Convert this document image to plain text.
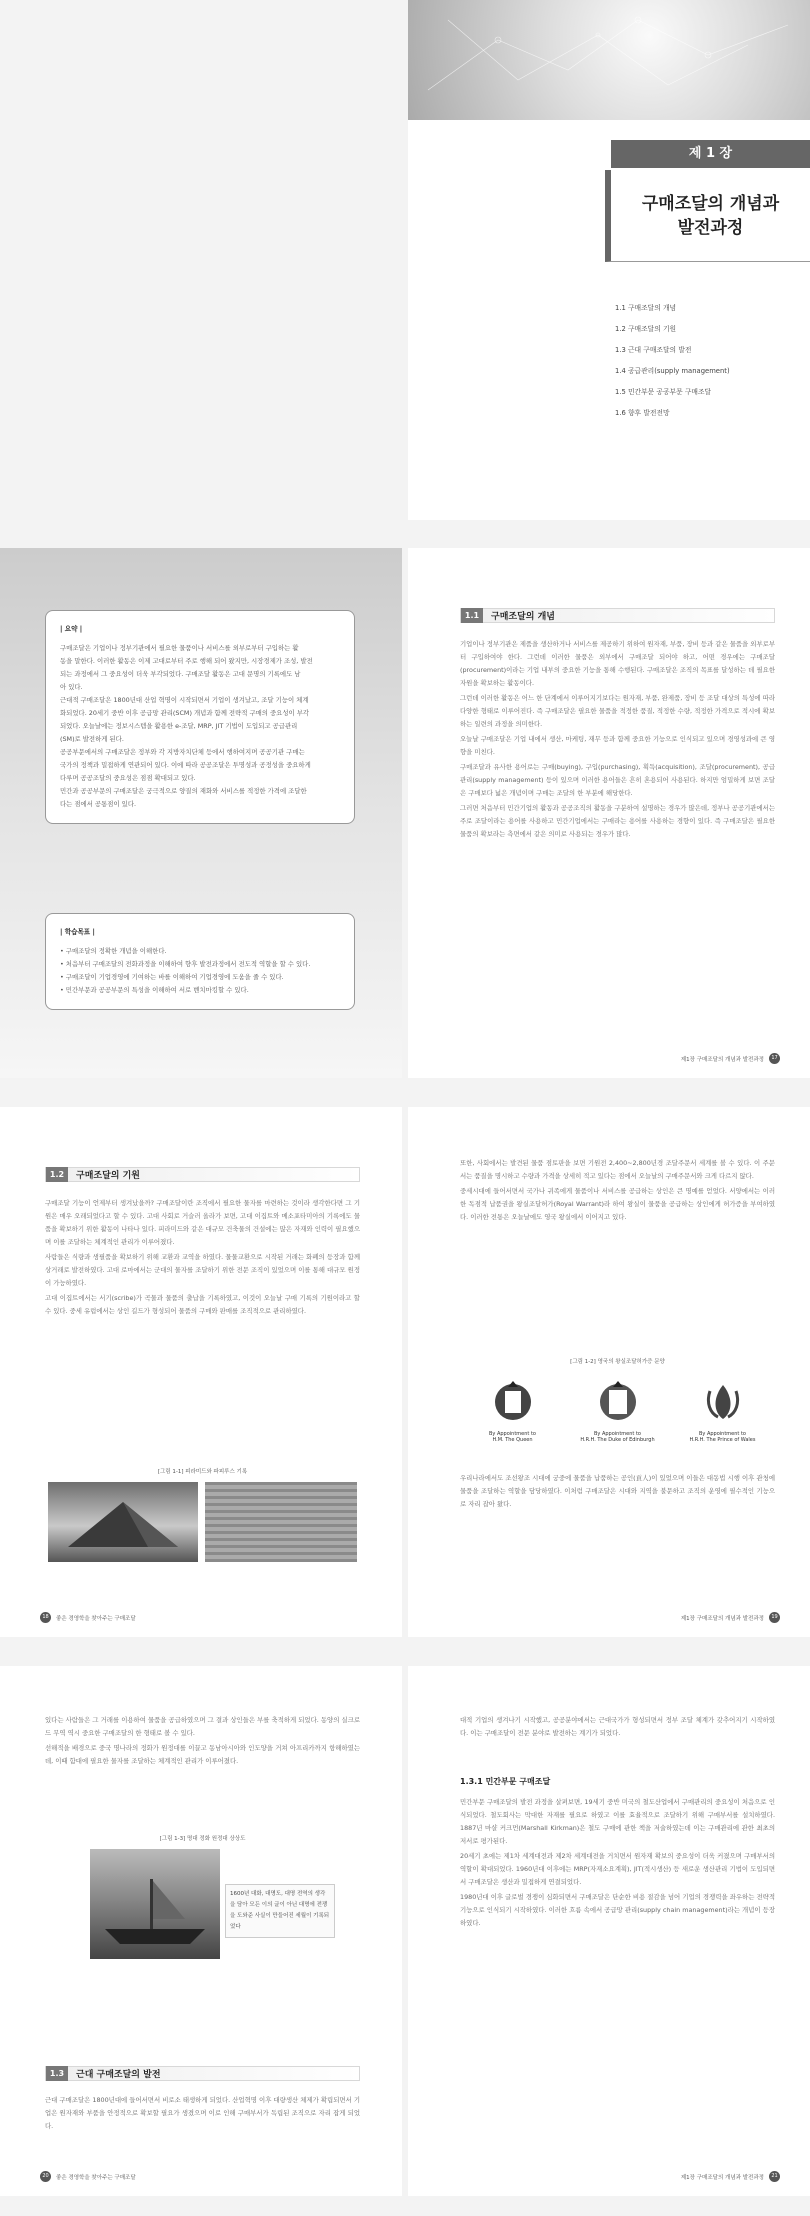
제 1 장
구매조달의 개념과
발전과정
1.1 구매조달의 개념
1.2 구매조달의 기원
1.3 근대 구매조달의 발전
1.4 공급관리(supply management)
1.5 민간부문 공공부문 구매조달
1.6 향후 발전전망
| 요약 |
구매조달은 기업이나 정부기관에서 필요한 물품이나 서비스를 외부로부터 구입하는 활
동을 말한다. 이러한 활동은 이제 고대로부터 주로 행해 되어 왔지만, 시장경제가 조성, 발전
되는 과정에서 그 중요성이 더욱 부각되었다. 구매조달 활동은 고대 문명의 기록에도 남
아 있다.
근대적 구매조달은 1800년대 산업 혁명이 시작되면서 기업이 생겨났고, 조달 기능이 체계
화되었다. 20세기 중반 이후 공급망 관리(SCM) 개념과 함께 전략적 구매의 중요성이 부각
되었다. 오늘날에는 정보시스템을 활용한 e-조달, MRP, JIT 기법이 도입되고 공급관리
(SM)로 발전하게 된다.
공공부문에서의 구매조달은 정부와 각 지방자치단체 등에서 행하여지며 공공기관 구매는
국가의 정책과 밀접하게 연관되어 있다. 이에 따라 공공조달은 투명성과 공정성을 중요하게
다루며 공공조달의 중요성은 점점 확대되고 있다.
민간과 공공부문의 구매조달은 궁극적으로 양질의 재화와 서비스를 적정한 가격에 조달한
다는 점에서 공통점이 있다.
| 학습목표 |
• 구매조달의 정확한 개념을 이해한다.
• 처음부터 구매조달의 전화과정을 이해하여 향후 발전과정에서 전도적 역할을 할 수 있다.
• 구매조달이 기업경영에 기여하는 바를 이해하여 기업경영에 도움을 줄 수 있다.
• 민간부문과 공공부문의 특성을 이해하여 서로 벤치마킹할 수 있다.
1.1	구매조달의 개념

기업이나 정부기관은 제품을 생산하거나 서비스를 제공하기 위하여 원자재, 부품, 장비 등과 같은 물품을 외부로부터 구입하여야 한다. 그런데 이러한 물품은 외부에서 구매조달 되어야 하고, 어떤 경우에는 구매조달(procurement)이라는 기업 내부의 중요한 기능을 통해 수행된다. 구매조달은 조직의 목표를 달성하는 데 필요한 자원을 확보하는 활동이다.

그런데 이러한 활동은 어느 한 단계에서 이루어지기보다는 원자재, 부품, 완제품, 장비 등 조달 대상의 특성에 따라 다양한 형태로 이루어진다. 즉 구매조달은 필요한 물품을 적정한 품질, 적정한 수량, 적정한 가격으로 적시에 확보하는 일련의 과정을 의미한다.

오늘날 구매조달은 기업 내에서 생산, 마케팅, 재무 등과 함께 중요한 기능으로 인식되고 있으며 경영성과에 큰 영향을 미친다.

구매조달과 유사한 용어로는 구매(buying), 구입(purchasing), 획득(acquisition), 조달(procurement), 공급관리(supply management) 등이 있으며 이러한 용어들은 흔히 혼용되어 사용된다. 하지만 엄밀하게 보면 조달은 구매보다 넓은 개념이며 구매는 조달의 한 부분에 해당한다.

그러면 처음부터 민간기업의 활동과 공공조직의 활동을 구분하여 설명하는 경우가 많은데, 정부나 공공기관에서는 주로 조달이라는 용어를 사용하고 민간기업에서는 구매라는 용어를 사용하는 경향이 있다. 즉 구매조달은 필요한 물품의 확보라는 측면에서 같은 의미로 사용되는 경우가 많다.

제1장 구매조달의 개념과 발전과정	17
1.2	구매조달의 기원

구매조달 기능이 언제부터 생겨났을까? 구매조달이란 조직에서 필요한 물자를 마련하는 것이라 생각한다면 그 기원은 매우 오래되었다고 할 수 있다. 고대 사회로 거슬러 올라가 보면, 고대 이집트와 메소포타미아의 기록에도 물품을 확보하기 위한 활동이 나타나 있다. 피라미드와 같은 대규모 건축물의 건설에는 많은 자재와 인력이 필요했으며 이를 조달하는 체계적인 관리가 이루어졌다.

사람들은 식량과 생필품을 확보하기 위해 교환과 교역을 하였다. 물물교환으로 시작된 거래는 화폐의 등장과 함께 상거래로 발전하였다. 고대 로마에서는 군대의 물자를 조달하기 위한 전문 조직이 있었으며 이를 통해 대규모 원정이 가능하였다.

고대 이집트에서는 서기(scribe)가 곡물과 물품의 출납을 기록하였고, 이것이 오늘날 구매 기록의 기원이라고 할 수 있다. 중세 유럽에서는 상인 길드가 형성되어 물품의 구매와 판매를 조직적으로 관리하였다.

[그림 1-1] 피라미드와 파피루스 기록
18	좋은 경영학을 찾아주는 구매조달

또한, 사회에서는 발견된 물품 점토판을 보면 기원전 2,400~2,800년경 조달주문서 세계를 볼 수 있다. 이 주문서는 품질을 명시하고 수량과 가격을 상세히 적고 있다는 점에서 오늘날의 구매주문서와 크게 다르지 않다.

중세시대에 들어서면서 국가나 귀족에게 물품이나 서비스를 공급하는 상인은 큰 명예를 얻었다. 서양에서는 이러한 독점적 납품권을 왕실조달허가(Royal Warrant)라 하여 왕실이 물품을 공급하는 상인에게 허가증을 부여하였다. 이러한 전통은 오늘날에도 영국 왕실에서 이어지고 있다.

[그림 1-2] 영국의 왕실조달허가증 문양
By Appointment to
H.M. The Queen
By Appointment to
H.R.H. The Duke of Edinburgh
By Appointment to
H.R.H. The Prince of Wales

우리나라에서도 조선왕조 시대에 궁중에 물품을 납품하는 공인(貢人)이 있었으며 이들은 대동법 시행 이후 관청에 물품을 조달하는 역할을 담당하였다. 이처럼 구매조달은 시대와 지역을 불문하고 조직의 운영에 필수적인 기능으로 자리 잡아 왔다.

제1장 구매조달의 개념과 발전과정	19

있다는 사람들은 그 거래를 이용하여 물품을 공급하였으며 그 결과 상인들은 부를 축적하게 되었다. 동양의 실크로드 무역 역시 중요한 구매조달의 한 형태로 볼 수 있다.

선해적을 배경으로 중국 명나라의 정화가 원정대를 이끌고 동남아시아와 인도양을 거쳐 아프리카까지 항해하였는데, 이때 함대에 필요한 물자를 조달하는 체계적인 관리가 이루어졌다.

[그림 1-3] 명대 정화 원정대 상상도
1600년 대화, 대명도, 대명 전역의 생각을 담아 모든 이의 글이 아닌 대명에 전쟁을 도와준 사실이 만들어진 세월이 기록되었다
1.3	근대 구매조달의 발전

근대 구매조달은 1800년대에 들어서면서 비로소 태생하게 되었다. 산업혁명 이후 대량생산 체제가 확립되면서 기업은 원자재와 부품을 안정적으로 확보할 필요가 생겼으며 이로 인해 구매부서가 독립된 조직으로 자리 잡게 되었다.

20	좋은 경영학을 찾아주는 구매조달

대적 기업의 생겨나기 시작했고, 공공분야에서는 근대국가가 형성되면서 정부 조달 체계가 갖추어지기 시작하였다. 이는 구매조달이 전문 분야로 발전하는 계기가 되었다.

1.3.1 민간부문 구매조달

민간부문 구매조달의 발전 과정을 살펴보면, 19세기 중반 미국의 철도산업에서 구매관리의 중요성이 처음으로 인식되었다. 철도회사는 막대한 자재를 필요로 하였고 이를 효율적으로 조달하기 위해 구매부서를 설치하였다. 1887년 마샬 커크먼(Marshall Kirkman)은 철도 구매에 관한 책을 저술하였는데 이는 구매관리에 관한 최초의 저서로 평가된다.

20세기 초에는 제1차 세계대전과 제2차 세계대전을 거치면서 원자재 확보의 중요성이 더욱 커졌으며 구매부서의 역할이 확대되었다. 1960년대 이후에는 MRP(자재소요계획), JIT(적시생산) 등 새로운 생산관리 기법이 도입되면서 구매조달은 생산과 밀접하게 연결되었다.

1980년대 이후 글로벌 경쟁이 심화되면서 구매조달은 단순한 비용 절감을 넘어 기업의 경쟁력을 좌우하는 전략적 기능으로 인식되기 시작하였다. 이러한 흐름 속에서 공급망 관리(supply chain management)라는 개념이 등장하였다.

제1장 구매조달의 개념과 발전과정	21
